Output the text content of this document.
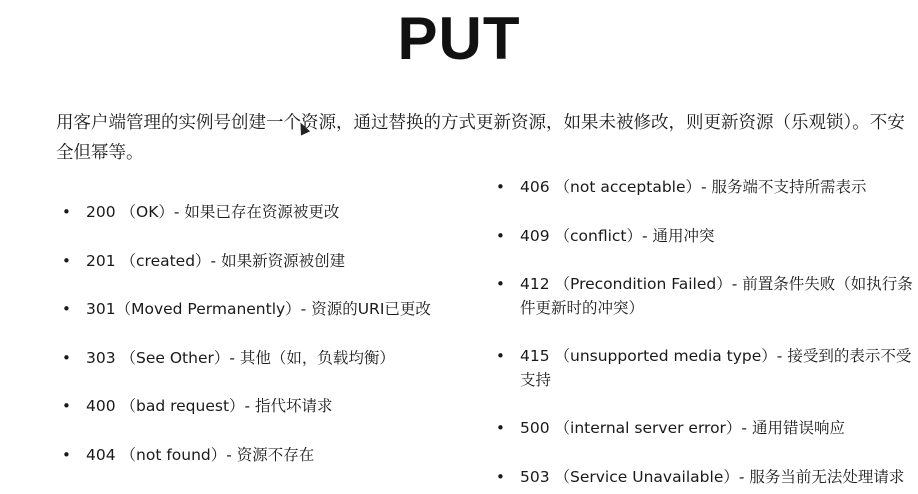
PUT
用客户端管理的实例号创建一个资源，通过替换的方式更新资源，如果未被修改，则更新资源（乐观锁）。不安全但幂等。
• 200 （OK）- 如果已存在资源被更改
• 201 （created）- 如果新资源被创建
• 301（Moved Permanently）- 资源的URI已更改
• 303 （See Other）- 其他（如，负载均衡）
• 400 （bad request）- 指代坏请求
• 404 （not found）- 资源不存在
• 406 （not acceptable）- 服务端不支持所需表示
• 409 （conflict）- 通用冲突
• 412 （Precondition Failed）- 前置条件失败（如执行条件更新时的冲突）
• 415 （unsupported media type）- 接受到的表示不受支持
• 500 （internal server error）- 通用错误响应
• 503 （Service Unavailable）- 服务当前无法处理请求
